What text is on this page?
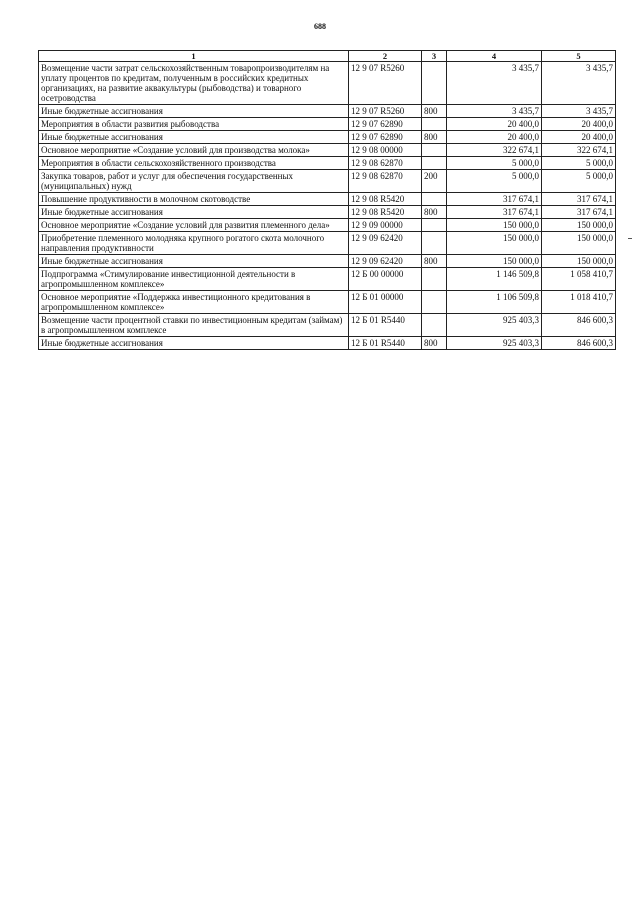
688
1	2	3	4	5
Возмещение части затрат сельскохозяйственным товаропроизводителям на уплату процентов по кредитам, полученным в российских кредитных организациях, на развитие аквакультуры (рыбоводства) и товарного осетроводства	12 9 07 R5260		3 435,7	3 435,7
Иные бюджетные ассигнования	12 9 07 R5260	800	3 435,7	3 435,7
Мероприятия в области развития рыбоводства	12 9 07 62890		20 400,0	20 400,0
Иные бюджетные ассигнования	12 9 07 62890	800	20 400,0	20 400,0
Основное мероприятие «Создание условий для производства молока»	12 9 08 00000		322 674,1	322 674,1
Мероприятия в области сельскохозяйственного производства	12 9 08 62870		5 000,0	5 000,0
Закупка товаров, работ и услуг для обеспечения государственных (муниципальных) нужд	12 9 08 62870	200	5 000,0	5 000,0
Повышение продуктивности в молочном скотоводстве	12 9 08 R5420		317 674,1	317 674,1
Иные бюджетные ассигнования	12 9 08 R5420	800	317 674,1	317 674,1
Основное мероприятие «Создание условий для развития племенного дела»	12 9 09 00000		150 000,0	150 000,0
Приобретение племенного молодняка крупного рогатого скота молочного направления продуктивности	12 9 09 62420		150 000,0	150 000,0
Иные бюджетные ассигнования	12 9 09 62420	800	150 000,0	150 000,0
Подпрограмма «Стимулирование инвестиционной деятельности в агропромышленном комплексе»	12 Б 00 00000		1 146 509,8	1 058 410,7
Основное мероприятие «Поддержка инвестиционного кредитования в агропромышленном комплексе»	12 Б 01 00000		1 106 509,8	1 018 410,7
Возмещение части процентной ставки по инвестиционным кредитам (займам) в агропромышленном комплексе	12 Б 01 R5440		925 403,3	846 600,3
Иные бюджетные ассигнования	12 Б 01 R5440	800	925 403,3	846 600,3
